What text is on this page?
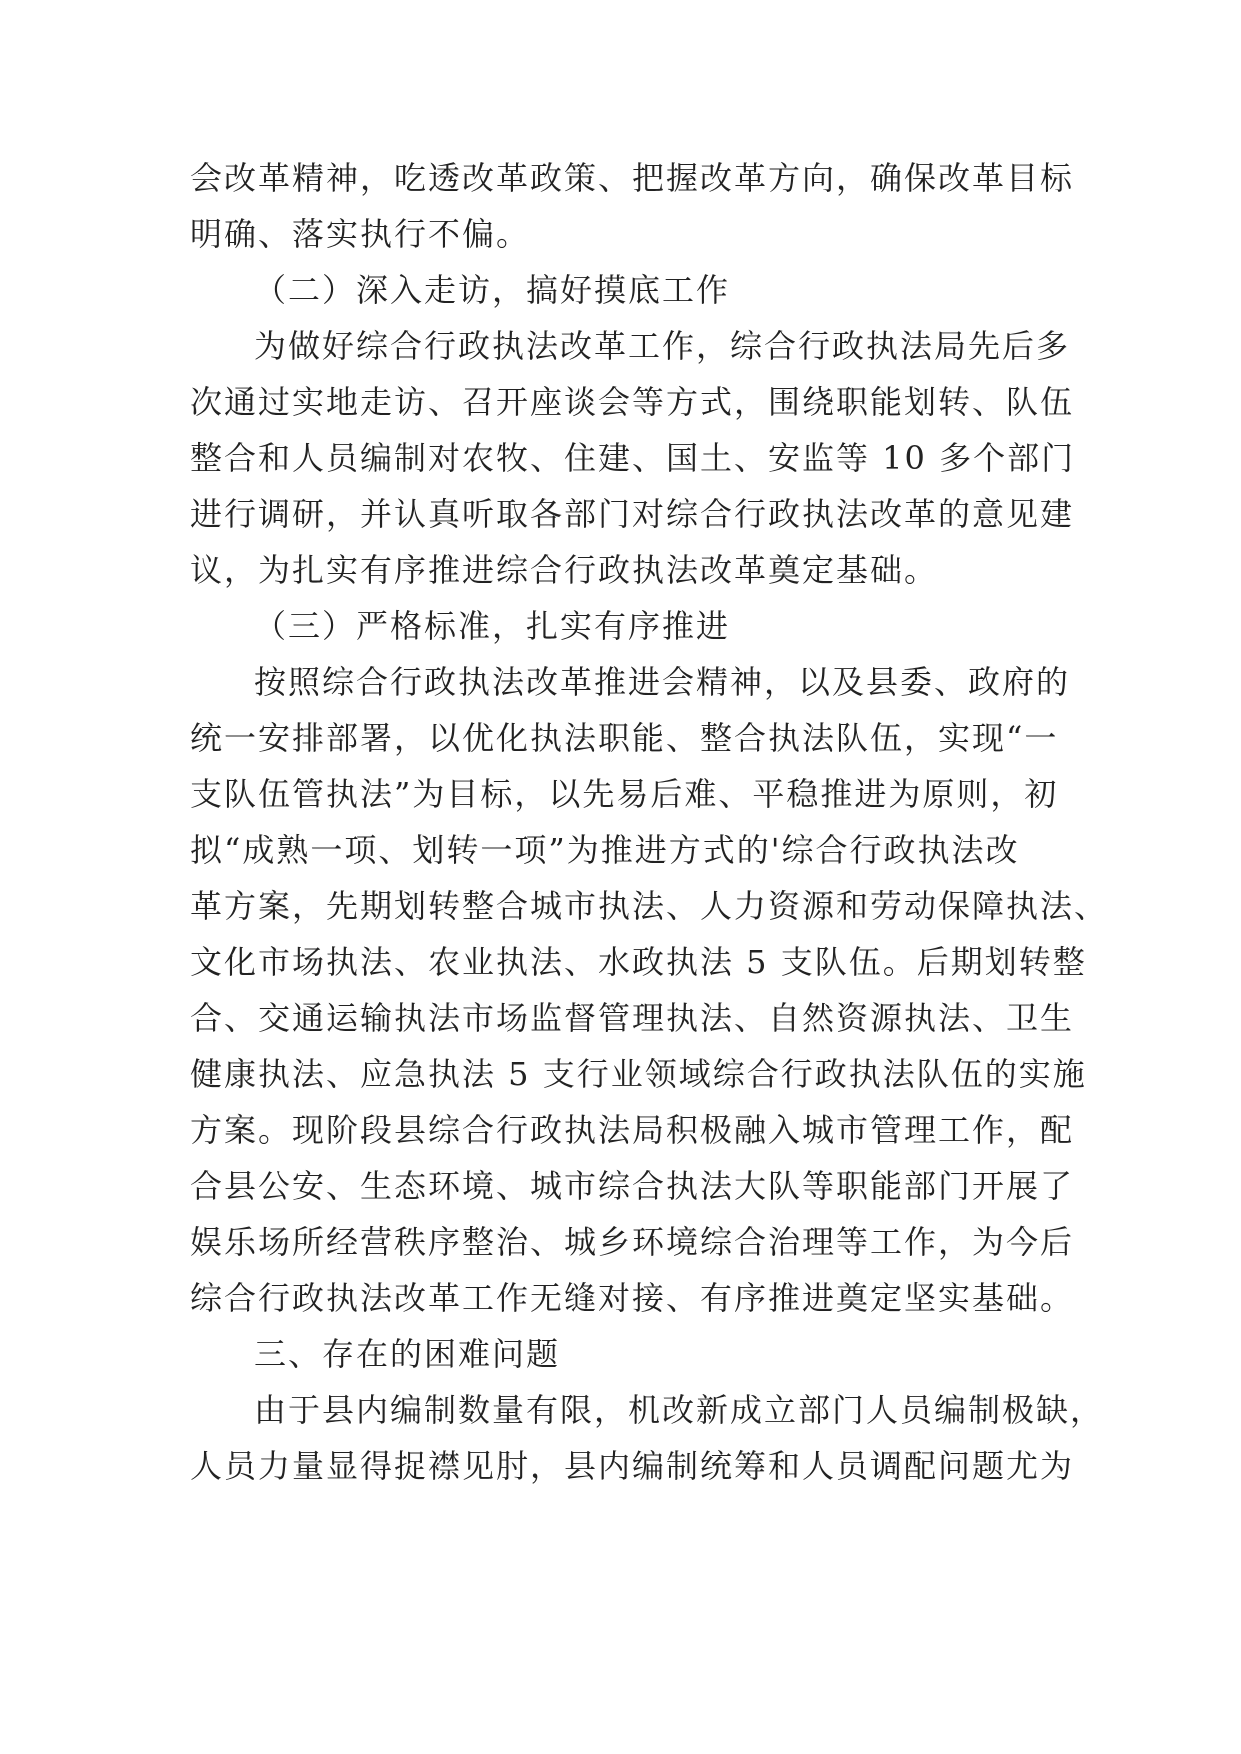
会改革精神，吃透改革政策、把握改革方向，确保改革目标
明确、落实执行不偏。
（二）深入走访，搞好摸底工作
为做好综合行政执法改革工作，综合行政执法局先后多
次通过实地走访、召开座谈会等方式，围绕职能划转、队伍
整合和人员编制对农牧、住建、国土、安监等 10 多个部门
进行调研，并认真听取各部门对综合行政执法改革的意见建
议，为扎实有序推进综合行政执法改革奠定基础。
（三）严格标准，扎实有序推进
按照综合行政执法改革推进会精神，以及县委、政府的
统一安排部署，以优化执法职能、整合执法队伍，实现“一
支队伍管执法”为目标，以先易后难、平稳推进为原则，初
拟“成熟一项、划转一项”为推进方式的'综合行政执法改
革方案，先期划转整合城市执法、人力资源和劳动保障执法、
文化市场执法、农业执法、水政执法 5 支队伍。后期划转整
合、交通运输执法市场监督管理执法、自然资源执法、卫生
健康执法、应急执法 5 支行业领域综合行政执法队伍的实施
方案。现阶段县综合行政执法局积极融入城市管理工作，配
合县公安、生态环境、城市综合执法大队等职能部门开展了
娱乐场所经营秩序整治、城乡环境综合治理等工作，为今后
综合行政执法改革工作无缝对接、有序推进奠定坚实基础。
三、存在的困难问题
由于县内编制数量有限，机改新成立部门人员编制极缺，
人员力量显得捉襟见肘，县内编制统筹和人员调配问题尤为
